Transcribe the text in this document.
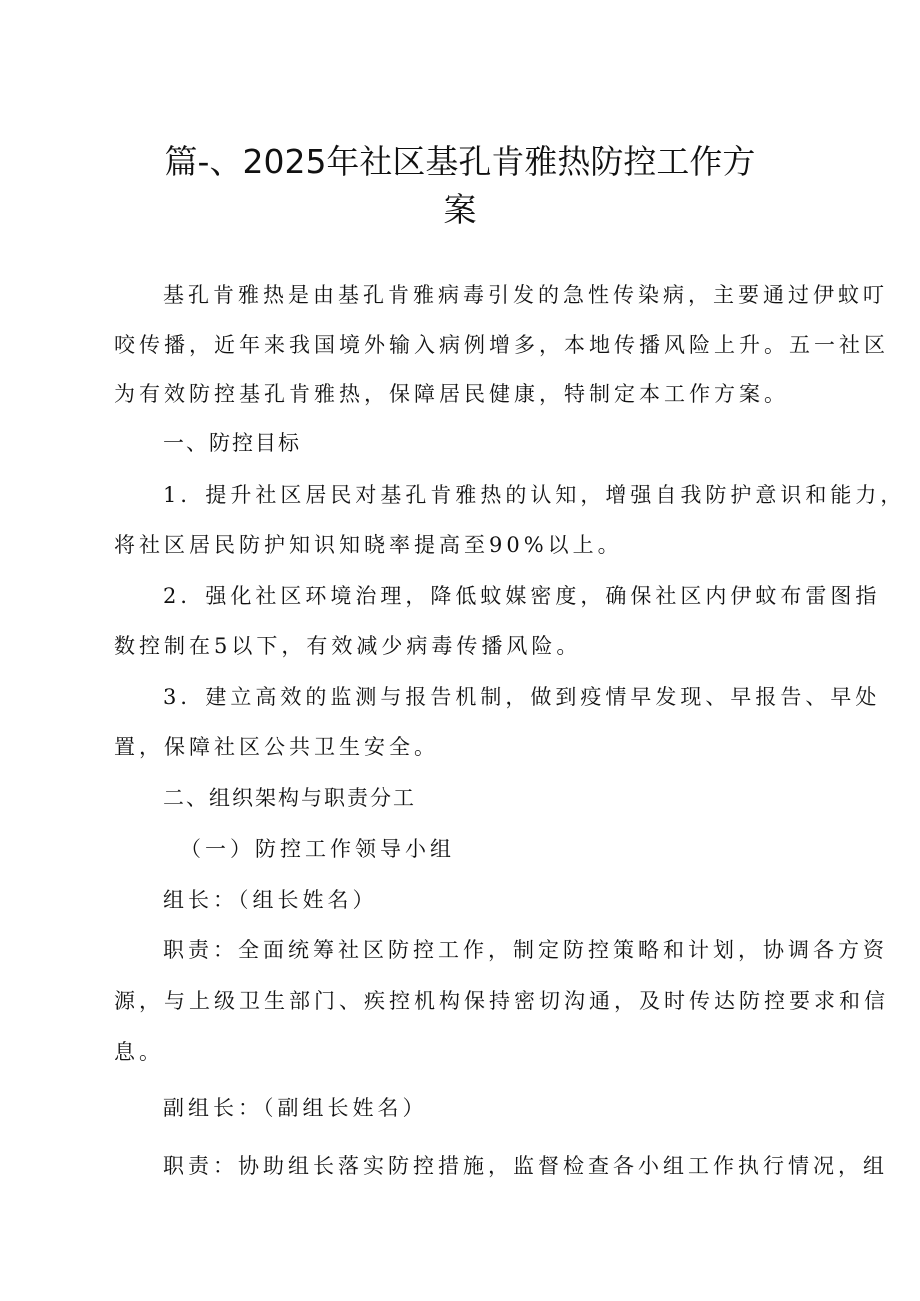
篇-、2025年社区基孔肯雅热防控工作方
案
基孔肯雅热是由基孔肯雅病毒引发的急性传染病，主要通过伊蚊叮
咬传播，近年来我国境外输入病例增多，本地传播风险上升。五一社区
为有效防控基孔肯雅热，保障居民健康，特制定本工作方案。
一、防控目标
1．提升社区居民对基孔肯雅热的认知，增强自我防护意识和能力，
将社区居民防护知识知晓率提高至90%以上。
2．强化社区环境治理，降低蚊媒密度，确保社区内伊蚊布雷图指
数控制在5以下，有效减少病毒传播风险。
3．建立高效的监测与报告机制，做到疫情早发现、早报告、早处
置，保障社区公共卫生安全。
二、组织架构与职责分工
（一）防控工作领导小组
组长：（组长姓名）
职责：全面统筹社区防控工作，制定防控策略和计划，协调各方资
源，与上级卫生部门、疾控机构保持密切沟通，及时传达防控要求和信
息。
副组长：（副组长姓名）
职责：协助组长落实防控措施，监督检查各小组工作执行情况，组
